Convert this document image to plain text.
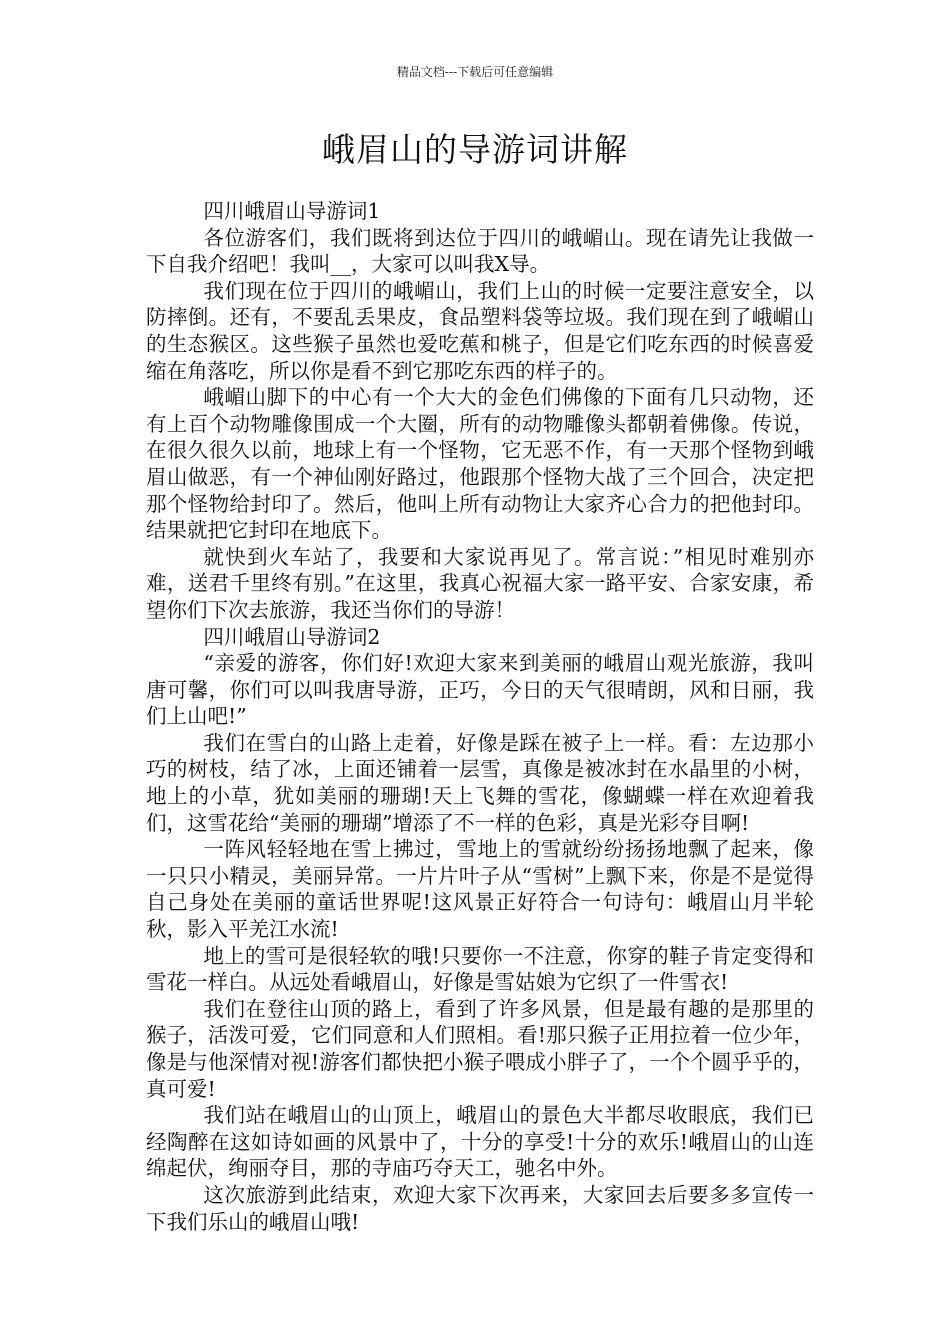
精品文档---下载后可任意编辑
峨眉山的导游词讲解

四川峨眉山导游词1

各位游客们，我们既将到达位于四川的峨嵋山。现在请先让我做一下自我介绍吧！我叫__，大家可以叫我X导。

我们现在位于四川的峨嵋山，我们上山的时候一定要注意安全，以防摔倒。还有，不要乱丢果皮，食品塑料袋等垃圾。我们现在到了峨嵋山的生态猴区。这些猴子虽然也爱吃蕉和桃子，但是它们吃东西的时候喜爱缩在角落吃，所以你是看不到它那吃东西的样子的。

峨嵋山脚下的中心有一个大大的金色们佛像的下面有几只动物，还有上百个动物雕像围成一个大圈，所有的动物雕像头都朝着佛像。传说，在很久很久以前，地球上有一个怪物，它无恶不作，有一天那个怪物到峨眉山做恶，有一个神仙刚好路过，他跟那个怪物大战了三个回合，决定把那个怪物给封印了。然后，他叫上所有动物让大家齐心合力的把他封印。结果就把它封印在地底下。

就快到火车站了，我要和大家说再见了。常言说：”相见时难别亦难，送君千里终有别。”在这里，我真心祝福大家一路平安、合家安康，希望你们下次去旅游，我还当你们的导游！

四川峨眉山导游词2

“亲爱的游客，你们好!欢迎大家来到美丽的峨眉山观光旅游，我叫唐可馨，你们可以叫我唐导游，正巧，今日的天气很晴朗，风和日丽，我们上山吧!”

我们在雪白的山路上走着，好像是踩在被子上一样。看：左边那小巧的树枝，结了冰，上面还铺着一层雪，真像是被冰封在水晶里的小树，地上的小草，犹如美丽的珊瑚!天上飞舞的雪花，像蝴蝶一样在欢迎着我们，这雪花给“美丽的珊瑚”增添了不一样的色彩，真是光彩夺目啊!

一阵风轻轻地在雪上拂过，雪地上的雪就纷纷扬扬地飘了起来，像一只只小精灵，美丽异常。一片片叶子从“雪树”上飘下来，你是不是觉得自己身处在美丽的童话世界呢!这风景正好符合一句诗句：峨眉山月半轮秋，影入平羌江水流!

地上的雪可是很轻软的哦!只要你一不注意，你穿的鞋子肯定变得和雪花一样白。从远处看峨眉山，好像是雪姑娘为它织了一件雪衣!

我们在登往山顶的路上，看到了许多风景，但是最有趣的是那里的猴子，活泼可爱，它们同意和人们照相。看!那只猴子正用拉着一位少年，像是与他深情对视!游客们都快把小猴子喂成小胖子了，一个个圆乎乎的，真可爱!

我们站在峨眉山的山顶上，峨眉山的景色大半都尽收眼底，我们已经陶醉在这如诗如画的风景中了，十分的享受!十分的欢乐!峨眉山的山连绵起伏，绚丽夺目，那的寺庙巧夺天工，驰名中外。

这次旅游到此结束，欢迎大家下次再来，大家回去后要多多宣传一下我们乐山的峨眉山哦!
